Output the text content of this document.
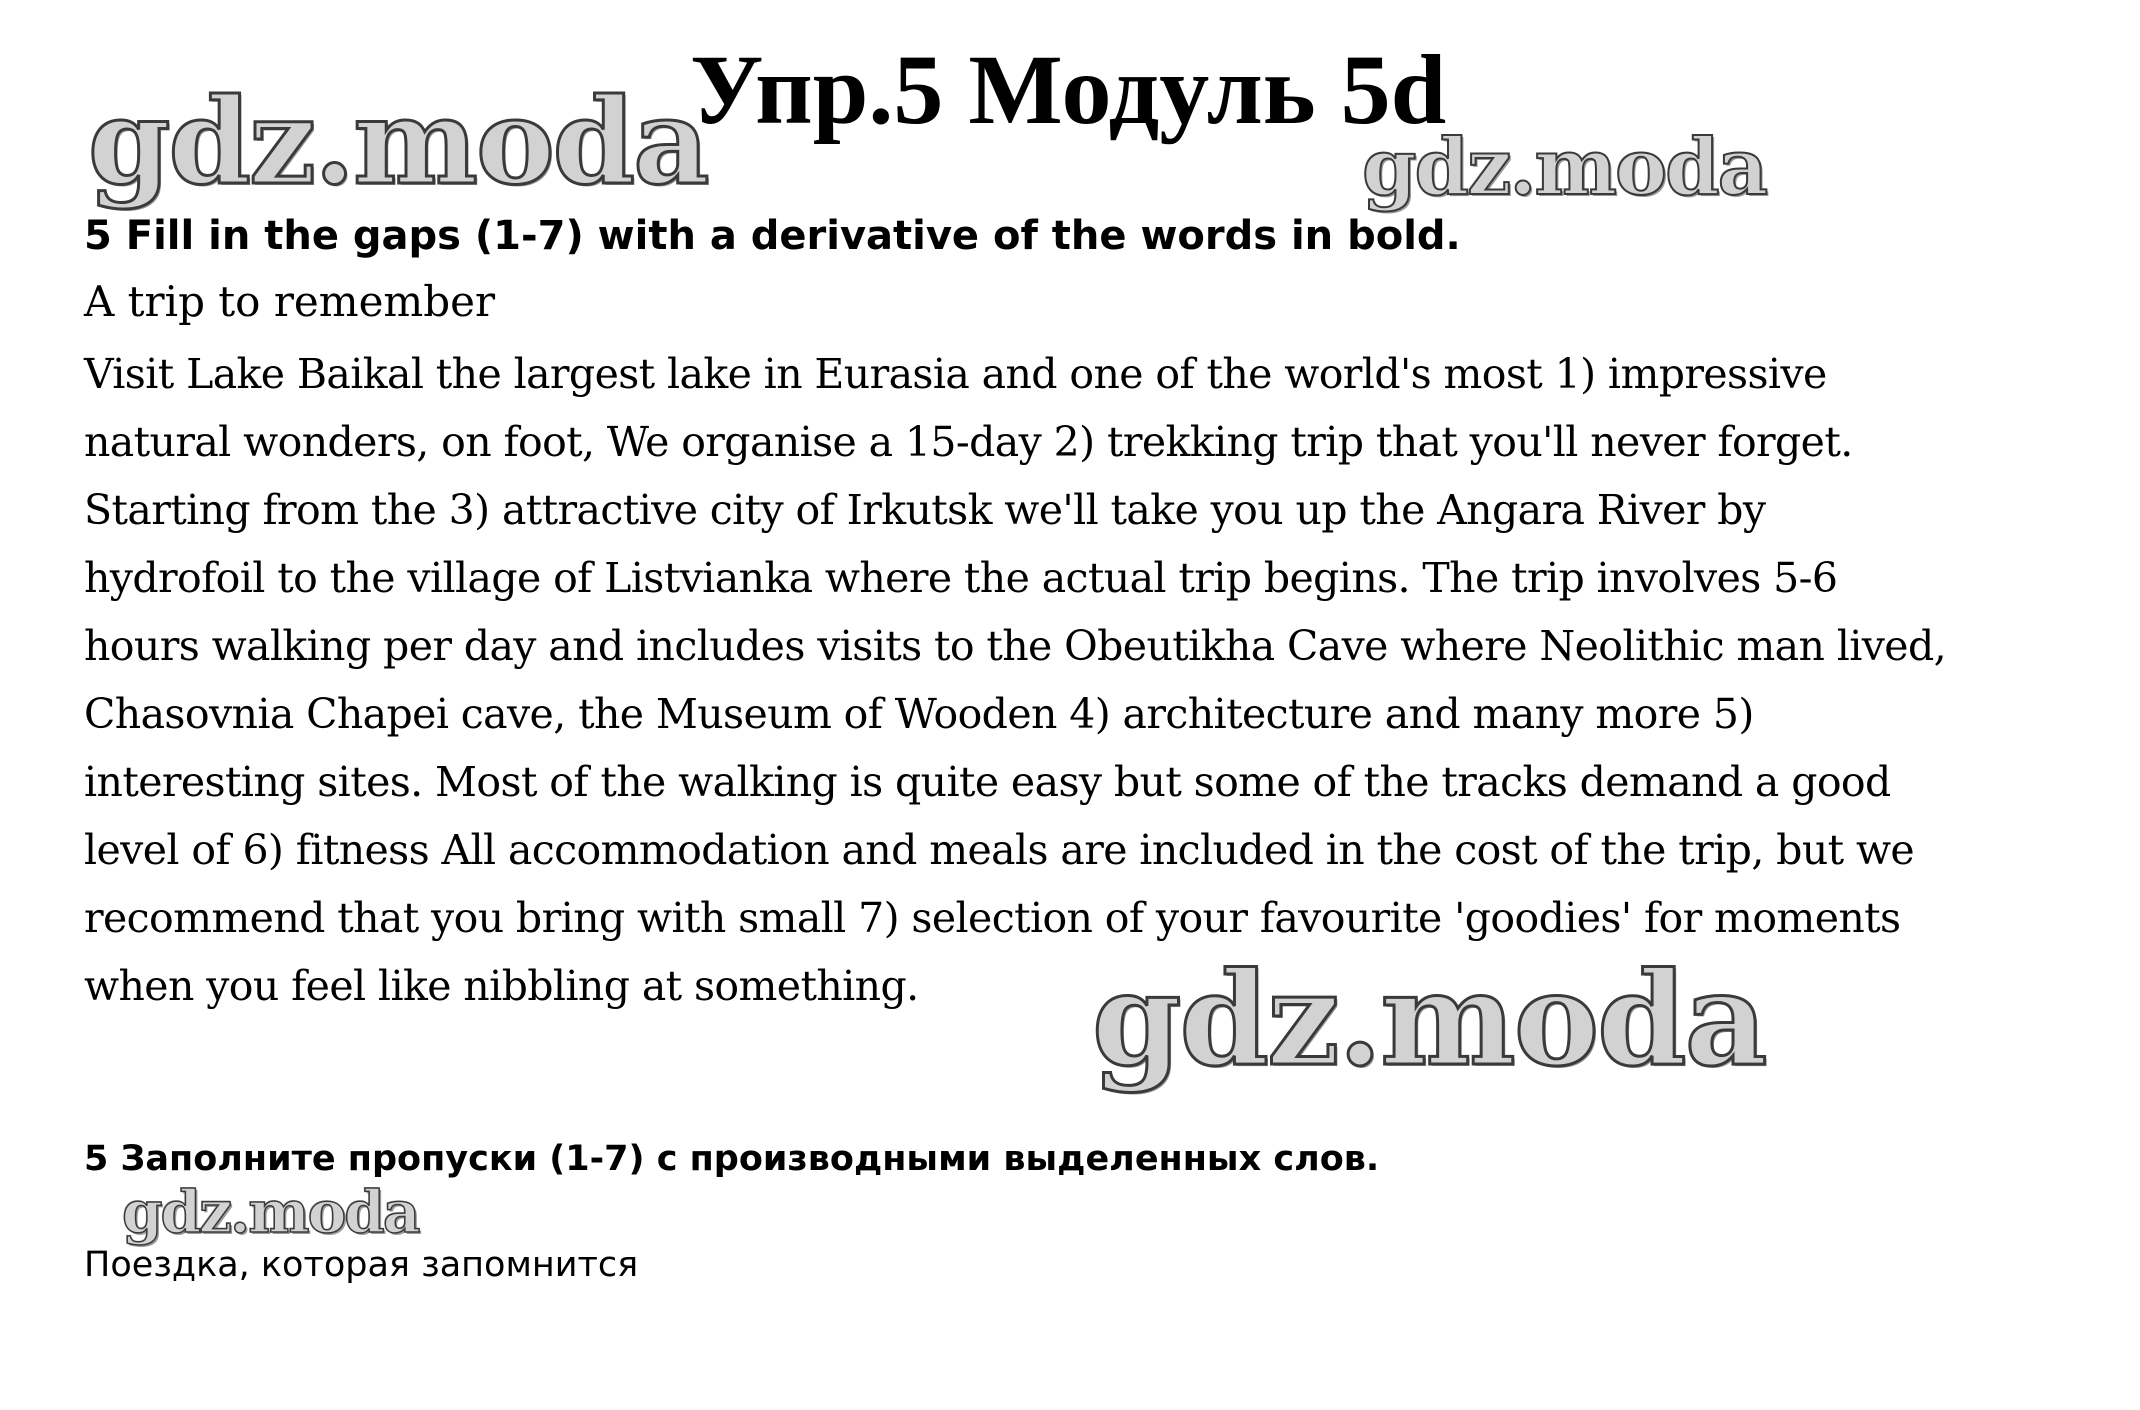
gdz.moda	gdz.moda
gdz.moda
gdz.moda
Упр.5 Модуль 5d
5 Fill in the gaps (1-7) with a derivative of the words in bold.
A trip to remember
Visit Lake Baikal the largest lake in Eurasia and one of the world's most 1) impressive
natural wonders, on foot, We organise a 15-day 2) trekking trip that you'll never forget.
Starting from the 3) attractive city of Irkutsk we'll take you up the Angara River by
hydrofoil to the village of Listvianka where the actual trip begins. The trip involves 5-6
hours walking per day and includes visits to the Obeutikha Cave where Neolithic man lived,
Chasovnia Chapei cave, the Museum of Wooden 4) architecture and many more 5)
interesting sites. Most of the walking is quite easy but some of the tracks demand a good
level of 6) fitness All accommodation and meals are included in the cost of the trip, but we
recommend that you bring with small 7) selection of your favourite 'goodies' for moments
when you feel like nibbling at something.
5 Заполните пропуски (1-7) с производными выделенных слов.
Поездка, которая запомнится
